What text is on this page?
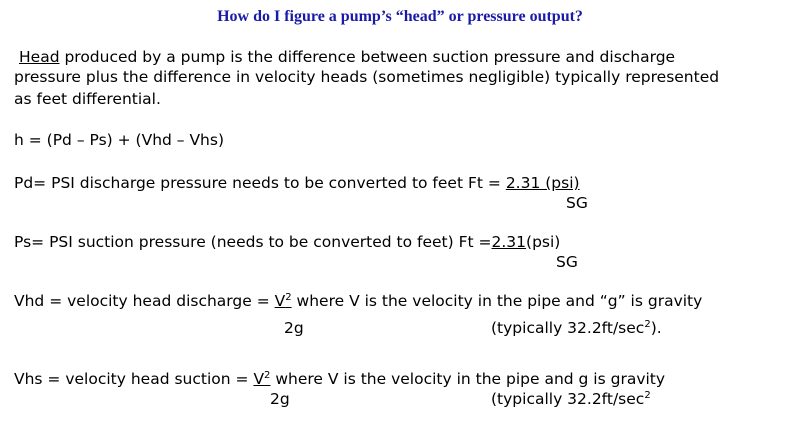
How do I figure a pump’s “head” or pressure output?
Head produced by a pump is the difference between suction pressure and discharge
pressure plus the difference in velocity heads (sometimes negligible) typically represented
as feet differential.
h = (Pd – Ps) + (Vhd – Vhs)
Pd= PSI discharge pressure needs to be converted to feet Ft = 2.31 (psi)
SG
Ps= PSI suction pressure (needs to be converted to feet) Ft =2.31(psi)
SG
Vhd = velocity head discharge = $V^2$ where V is the velocity in the pipe and “g” is gravity
2g	(typically $32.2ft/\sec^2$).
Vhs = velocity head suction = $V^2$ where V is the velocity in the pipe and g is gravity
2g	(typically $32.2ft/\sec^2$
